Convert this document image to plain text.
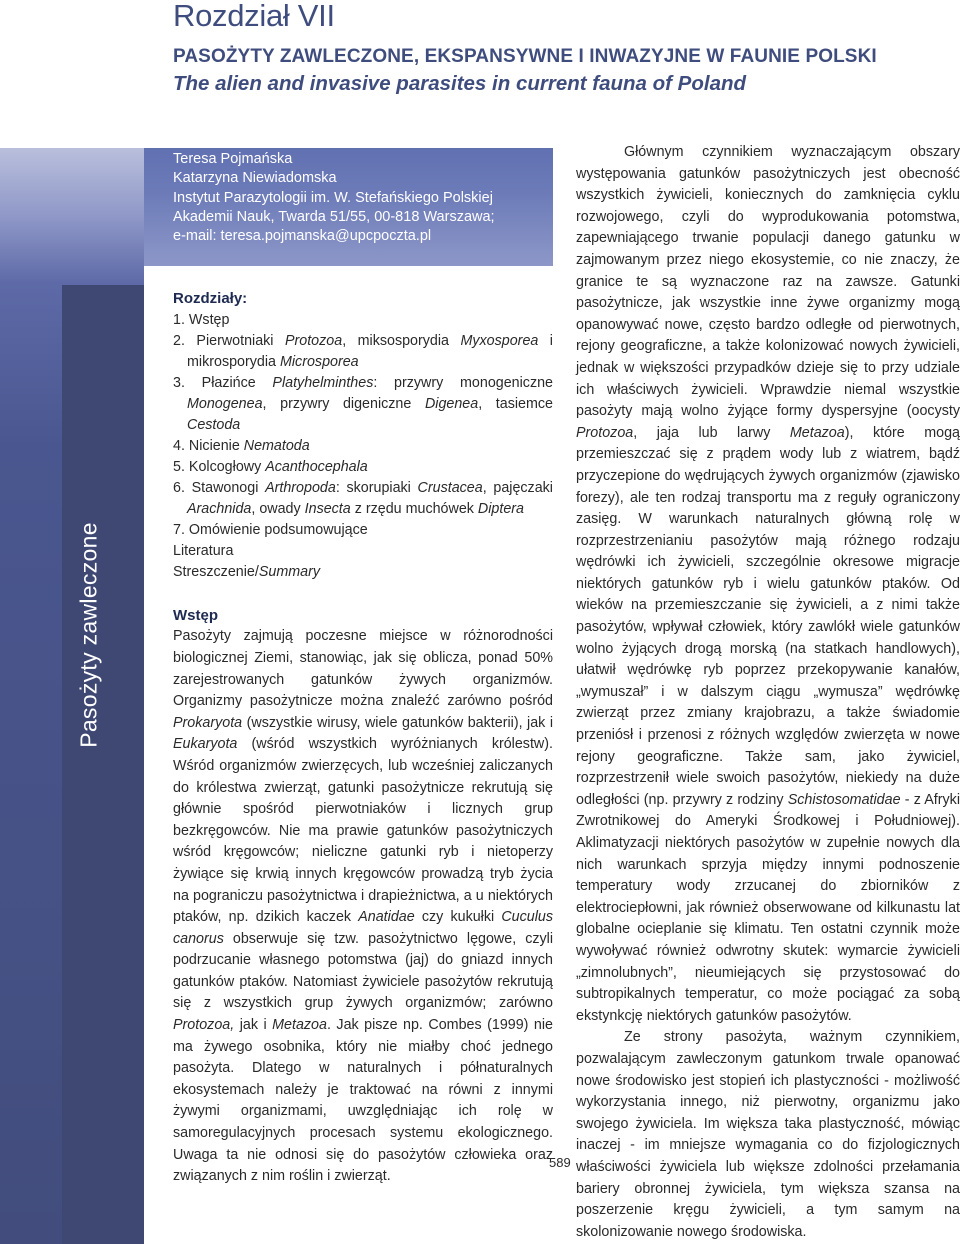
Rozdział VII
PASOŻYTY ZAWLECZONE, EKSPANSYWNE I INWAZYJNE W FAUNIE POLSKI
The alien and invasive parasites in current fauna of Poland
Pasożyty zawleczone
Teresa Pojmańska
Katarzyna Niewiadomska
Instytut Parazytologii im. W. Stefańskiego Polskiej
Akademii Nauk, Twarda 51/55, 00-818 Warszawa;
e-mail: teresa.pojmanska@upcpoczta.pl

Rozdziały:

1. Wstęp

2. Pierwotniaki Protozoa, miksosporydia Myxosporea i mikrosporydia Microsporea

3. Płazińce Platyhelminthes: przywry monogeniczne Monogenea, przywry digeniczne Digenea, tasiemce Cestoda

4. Nicienie Nematoda

5. Kolcogłowy Acanthocephala

6. Stawonogi Arthropoda: skorupiaki Crustacea, pajęczaki Arachnida, owady Insecta z rzędu muchówek Diptera

7. Omówienie podsumowujące

Literatura

Streszczenie/Summary

Wstęp

Pasożyty zajmują poczesne miejsce w różnorodności biologicznej Ziemi, stanowiąc, jak się oblicza, ponad 50% zarejestrowanych gatunków żywych organizmów. Organizmy pasożytnicze można znaleźć zarówno pośród Prokaryota (wszystkie wirusy, wiele gatunków bakterii), jak i Eukaryota (wśród wszystkich wyróżnianych królestw). Wśród organizmów zwierzęcych, lub wcześniej zaliczanych do królestwa zwierząt, gatunki pasożytnicze rekrutują się głównie spośród pierwotniaków i licznych grup bezkręgowców. Nie ma prawie gatunków pasożytniczych wśród kręgowców; nieliczne gatunki ryb i nietoperzy żywiące się krwią innych kręgowców prowadzą tryb życia na pograniczu pasożytnictwa i drapieżnictwa, a u niektórych ptaków, np. dzikich kaczek Anatidae czy kukułki Cuculus canorus obserwuje się tzw. pasożytnictwo lęgowe, czyli podrzucanie własnego potomstwa (jaj) do gniazd innych gatunków ptaków. Natomiast żywiciele pasożytów rekrutują się z wszystkich grup żywych organizmów; zarówno Protozoa, jak i Metazoa. Jak pisze np. Combes (1999) nie ma żywego osobnika, który nie miałby choć jednego pasożyta. Dlatego w naturalnych i półnaturalnych ekosystemach należy je traktować na równi z innymi żywymi organizmami, uwzględniając ich rolę w samoregulacyjnych procesach systemu ekologicznego. Uwaga ta nie odnosi się do pasożytów człowieka oraz związanych z nim roślin i zwierząt.

Głównym czynnikiem wyznaczającym obszary występowania gatunków pasożytniczych jest obecność wszystkich żywicieli, koniecznych do zamknięcia cyklu rozwojowego, czyli do wyprodukowania potomstwa, zapewniającego trwanie populacji danego gatunku w zajmowanym przez niego ekosystemie, co nie znaczy, że granice te są wyznaczone raz na zawsze. Gatunki pasożytnicze, jak wszystkie inne żywe organizmy mogą opanowywać nowe, często bardzo odległe od pierwotnych, rejony geograficzne, a także kolonizować nowych żywicieli, jednak w większości przypadków dzieje się to przy udziale ich właściwych żywicieli. Wprawdzie niemal wszystkie pasożyty mają wolno żyjące formy dyspersyjne (oocysty Protozoa, jaja lub larwy Metazoa), które mogą przemieszczać się z prądem wody lub z wiatrem, bądź przyczepione do wędrujących żywych organizmów (zjawisko forezy), ale ten rodzaj transportu ma z reguły ograniczony zasięg. W warunkach naturalnych główną rolę w rozprzestrzenianiu pasożytów mają różnego rodzaju wędrówki ich żywicieli, szczególnie okresowe migracje niektórych gatunków ryb i wielu gatunków ptaków. Od wieków na przemieszczanie się żywicieli, a z nimi także pasożytów, wpływał człowiek, który zawlókł wiele gatunków wolno żyjących drogą morską (na statkach handlowych), ułatwił wędrówkę ryb poprzez przekopywanie kanałów, „wymuszał” i w dalszym ciągu „wymusza” wędrówkę zwierząt przez zmiany krajobrazu, a także świadomie przeniósł i przenosi z różnych względów zwierzęta w nowe rejony geograficzne. Także sam, jako żywiciel, rozprzestrzenił wiele swoich pasożytów, niekiedy na duże odległości (np. przywry z rodziny Schistosomatidae - z Afryki Zwrotnikowej do Ameryki Środkowej i Południowej). Aklimatyzacji niektórych pasożytów w zupełnie nowych dla nich warunkach sprzyja między innymi podnoszenie temperatury wody zrzucanej do zbiorników z elektrociepłowni, jak również obserwowane od kilkunastu lat globalne ocieplanie się klimatu. Ten ostatni czynnik może wywoływać również odwrotny skutek: wymarcie żywicieli „zimnolubnych”, nieumiejących się przystosować do subtropikalnych temperatur, co może pociągać za sobą ekstynkcję niektórych gatunków pasożytów.

Ze strony pasożyta, ważnym czynnikiem, pozwalającym zawleczonym gatunkom trwale opanować nowe środowisko jest stopień ich plastyczności - możliwość wykorzystania innego, niż pierwotny, organizmu jako swojego żywiciela. Im większa taka plastyczność, mówiąc inaczej - im mniejsze wymagania co do fizjologicznych właściwości żywiciela lub większe zdolności przełamania bariery obronnej żywiciela, tym większa szansa na poszerzenie kręgu żywicieli, a tym samym na skolonizowanie nowego środowiska.

589
